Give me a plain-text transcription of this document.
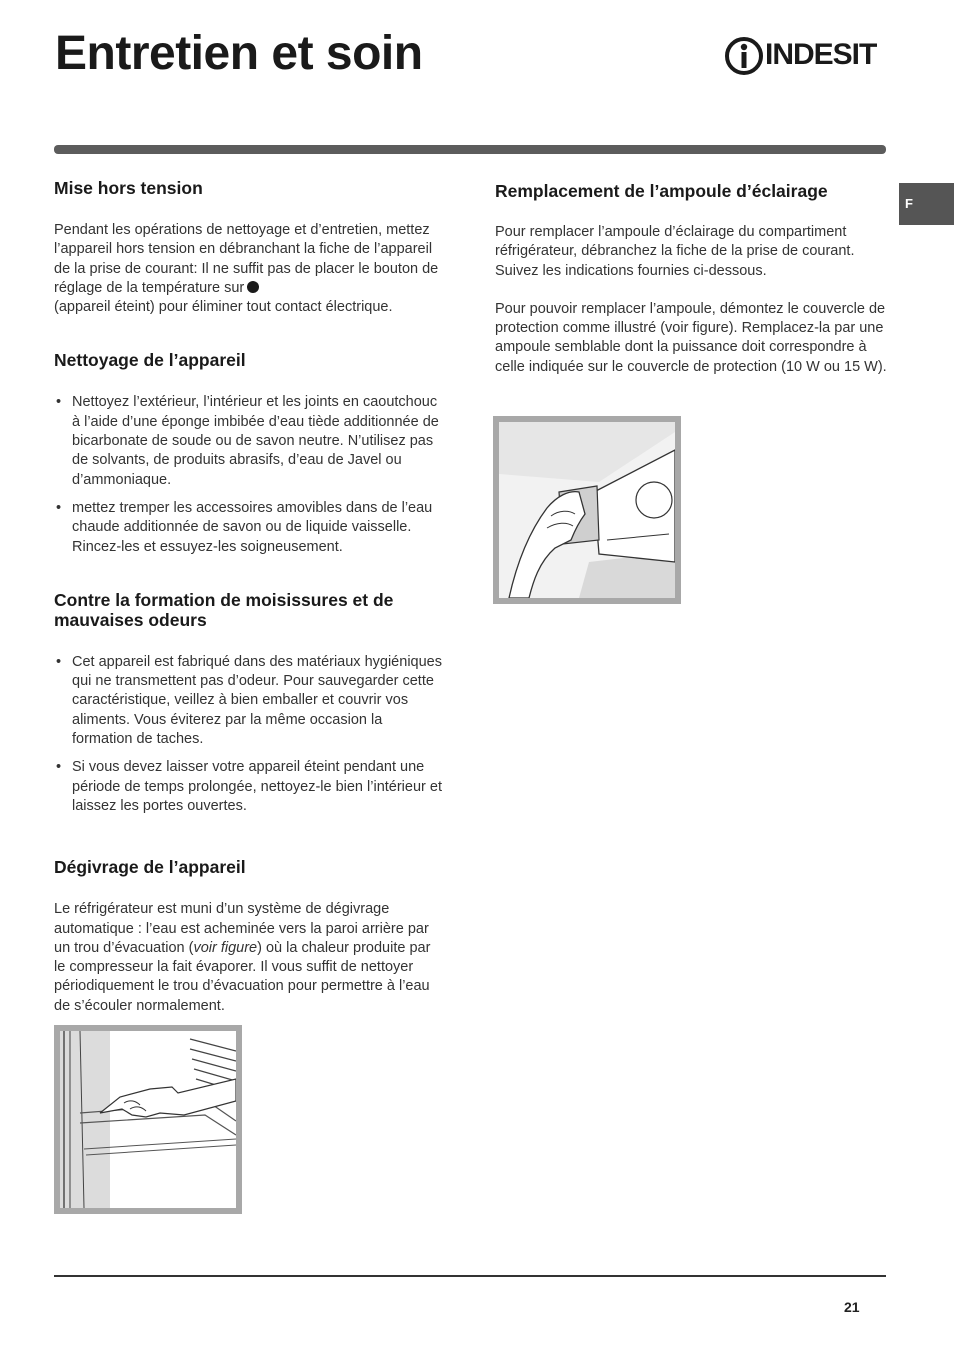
Entretien et soin	INDESIT
F
Mise hors tension

Pendant les opérations de nettoyage et d’entretien, mettez l’appareil hors tension en débranchant la fiche de l’appareil de la prise de courant: Il ne suffit pas de placer le bouton de réglage de la température sur
(appareil éteint) pour éliminer tout contact électrique.

Nettoyage de l’appareil
• Nettoyez l’extérieur, l’intérieur et les joints en caoutchouc à l’aide d’une éponge imbibée d’eau tiède additionnée de bicarbonate de soude ou de savon neutre. N’utilisez pas de solvants, de produits abrasifs, d’eau de Javel ou d’ammoniaque.
• mettez tremper les accessoires amovibles dans de l’eau chaude additionnée de savon ou de liquide vaisselle. Rincez-les et essuyez-les soigneusement.
Contre la formation de moisissures et de mauvaises odeurs
• Cet appareil est fabriqué dans des matériaux hygiéniques qui ne transmettent pas d’odeur. Pour sauvegarder cette caractéristique, veillez à bien emballer et couvrir vos aliments. Vous éviterez par la même occasion la formation de taches.
• Si vous devez laisser votre appareil éteint pendant une période de temps prolongée, nettoyez-le bien l’intérieur et laissez les portes ouvertes.
Dégivrage de l’appareil

Le réfrigérateur est muni d’un système de dégivrage automatique : l’eau est acheminée vers la paroi arrière par un trou d’évacuation (voir figure) où la chaleur produite par le compresseur la fait évaporer. Il vous suffit de nettoyer périodiquement le trou d’évacuation pour permettre à l’eau de s’écouler normalement.

Remplacement de l’ampoule d’éclairage

Pour remplacer l’ampoule d’éclairage du compartiment réfrigérateur, débranchez la fiche de la prise de courant. Suivez les indications fournies ci-dessous.

Pour pouvoir remplacer l’ampoule, démontez le couvercle de protection comme illustré (voir figure). Remplacez-la par une ampoule semblable dont la puissance doit correspondre à celle indiquée sur le couvercle de protection (10 W ou 15 W).

21
